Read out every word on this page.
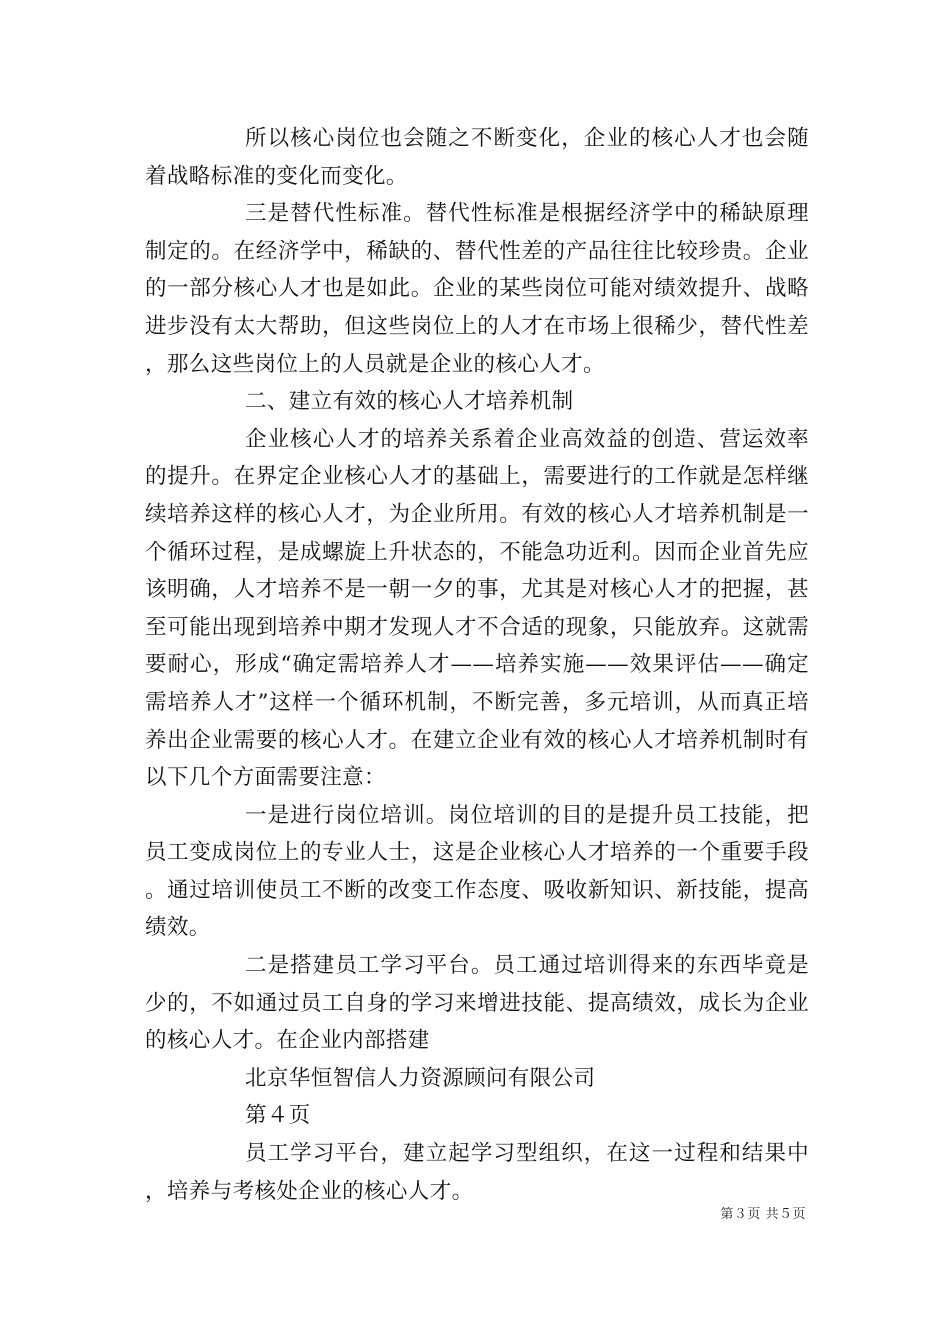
所以核心岗位也会随之不断变化，企业的核心人才也会随着战略标准的变化而变化。

三是替代性标准。替代性标准是根据经济学中的稀缺原理制定的。在经济学中，稀缺的、替代性差的产品往往比较珍贵。企业的一部分核心人才也是如此。企业的某些岗位可能对绩效提升、战略进步没有太大帮助，但这些岗位上的人才在市场上很稀少，替代性差，那么这些岗位上的人员就是企业的核心人才。

二、建立有效的核心人才培养机制

企业核心人才的培养关系着企业高效益的创造、营运效率的提升。在界定企业核心人才的基础上，需要进行的工作就是怎样继续培养这样的核心人才，为企业所用。有效的核心人才培养机制是一个循环过程，是成螺旋上升状态的，不能急功近利。因而企业首先应该明确，人才培养不是一朝一夕的事，尤其是对核心人才的把握，甚至可能出现到培养中期才发现人才不合适的现象，只能放弃。这就需要耐心，形成“确定需培养人才——培养实施——效果评估——确定需培养人才”这样一个循环机制，不断完善，多元培训，从而真正培养出企业需要的核心人才。在建立企业有效的核心人才培养机制时有以下几个方面需要注意：

一是进行岗位培训。岗位培训的目的是提升员工技能，把员工变成岗位上的专业人士，这是企业核心人才培养的一个重要手段。通过培训使员工不断的改变工作态度、吸收新知识、新技能，提高绩效。

二是搭建员工学习平台。员工通过培训得来的东西毕竟是少的，不如通过员工自身的学习来增进技能、提高绩效，成长为企业的核心人才。在企业内部搭建

北京华恒智信人力资源顾问有限公司

第４页

员工学习平台，建立起学习型组织，在这一过程和结果中，培养与考核处企业的核心人才。

第３页 共５页
